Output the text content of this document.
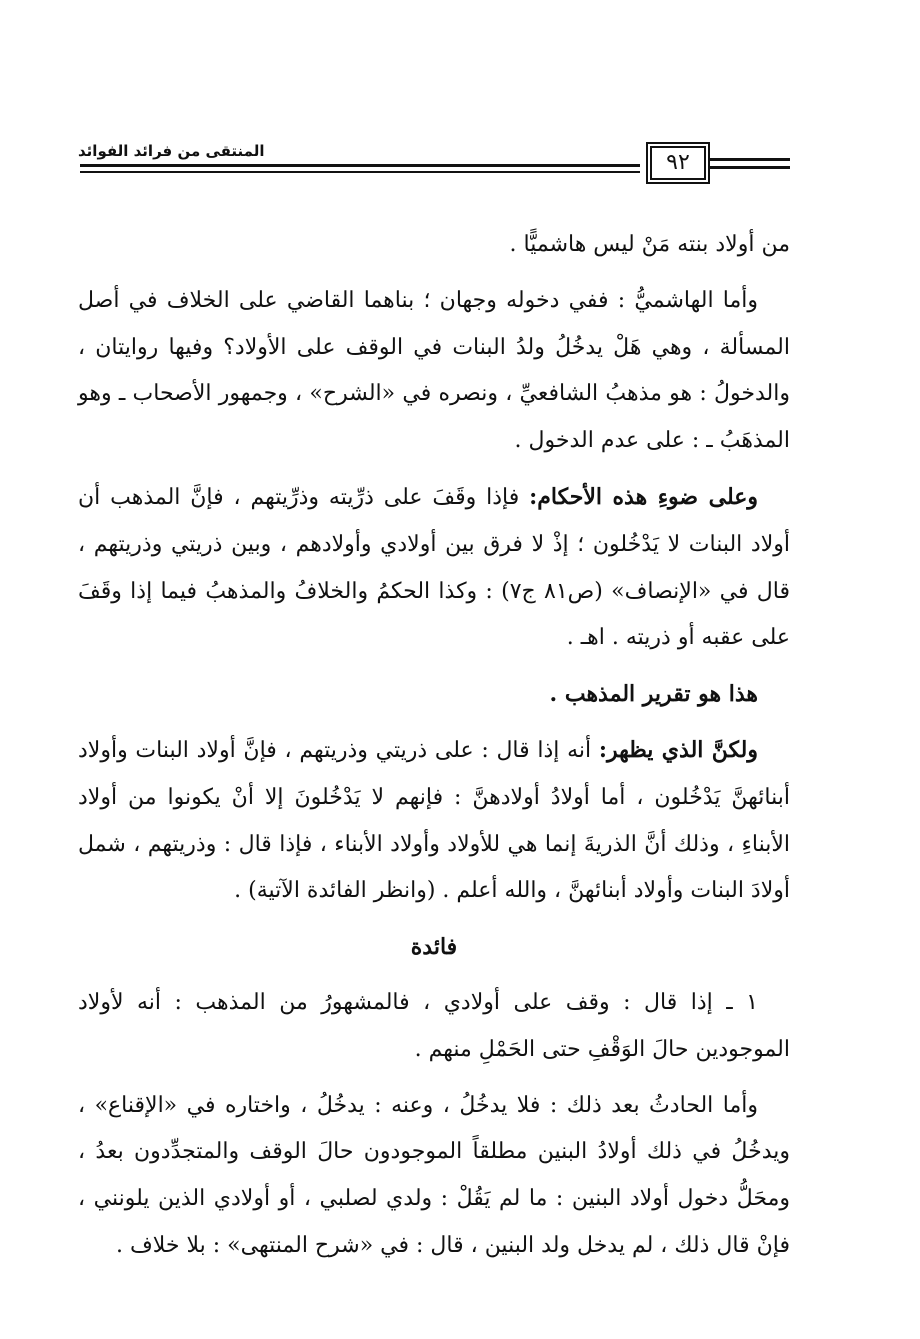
المنتقى من فرائد الفوائد	٩٢

من أولاد بنته مَنْ ليس هاشميًّا .

وأما الهاشميُّ : ففي دخوله وجهان ؛ بناهما القاضي على الخلاف في أصل المسألة ، وهي هَلْ يدخُلُ ولدُ البنات في الوقف على الأولاد؟ وفيها روايتان ، والدخولُ : هو مذهبُ الشافعيِّ ، ونصره في «الشرح» ، وجمهور الأصحاب ـ وهو المذهَبُ ـ : على عدم الدخول .

وعلى ضوءِ هذه الأحكام: فإذا وقَفَ على ذرِّيته وذرِّيتهم ، فإنَّ المذهب أن أولاد البنات لا يَدْخُلون ؛ إذْ لا فرق بين أولادي وأولادهم ، وبين ذريتي وذريتهم ، قال في «الإنصاف» (ص٨١ ج٧) : وكذا الحكمُ والخلافُ والمذهبُ فيما إذا وقَفَ على عقبه أو ذريته . اهـ .

هذا هو تقرير المذهب .

ولكنَّ الذي يظهر: أنه إذا قال : على ذريتي وذريتهم ، فإنَّ أولاد البنات وأولاد أبنائهنَّ يَدْخُلون ، أما أولادُ أولادهنَّ : فإنهم لا يَدْخُلونَ إلا أنْ يكونوا من أولاد الأبناءِ ، وذلك أنَّ الذريةَ إنما هي للأولاد وأولاد الأبناء ، فإذا قال : وذريتهم ، شمل أولادَ البنات وأولاد أبنائهنَّ ، والله أعلم . (وانظر الفائدة الآتية) .

فائدة

١ ـ إذا قال : وقف على أولادي ، فالمشهورُ من المذهب : أنه لأولاد الموجودين حالَ الوَقْفِ حتى الحَمْلِ منهم .

وأما الحادثُ بعد ذلك : فلا يدخُلُ ، وعنه : يدخُلُ ، واختاره في «الإقناع» ، ويدخُلُ في ذلك أولادُ البنين مطلقاً الموجودون حالَ الوقف والمتجدِّدون بعدُ ، ومحَلُّ دخول أولاد البنين : ما لم يَقُلْ : ولدي لصلبي ، أو أولادي الذين يلونني ، فإنْ قال ذلك ، لم يدخل ولد البنين ، قال : في «شرح المنتهى» : بلا خلاف .
